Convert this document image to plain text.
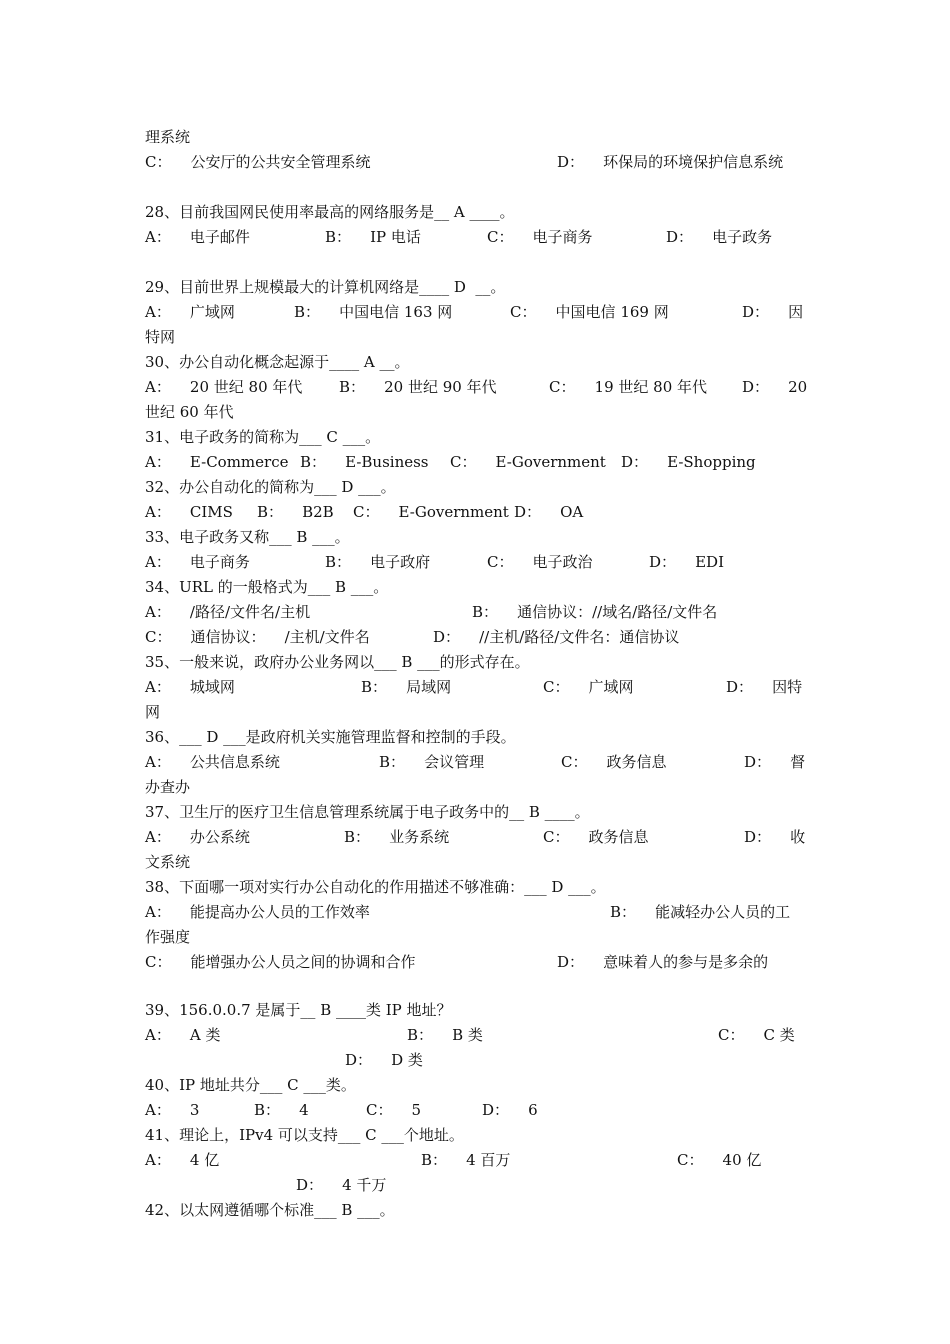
理系统
C：    公安厅的公共安全管理系统	D：    环保局的环境保护信息系统
28、目前我国网民使用率最高的网络服务是__ A ____。
A：    电子邮件	B：    IP 电话	C：    电子商务	D：    电子政务
29、目前世界上规模最大的计算机网络是____ D  __。
A：    广域网	B：    中国电信 163 网	C：    中国电信 169 网	D：    因
特网
30、办公自动化概念起源于____ A __。
A：    20 世纪 80 年代 B：    20 世纪 90 年代	C：    19 世纪 80 年代 D：    20
世纪 60 年代
31、电子政务的简称为___ C ___。
A：    E-Commerce B：    E-Business C：    E-Government D：    E-Shopping
32、办公自动化的简称为___ D ___。
A：    CIMS B：    B2B C：    E-Government D：    OA
33、电子政务又称___ B ___。
A：    电子商务	B：    电子政府	C：    电子政治	D：    EDI
34、URL 的一般格式为___ B ___。
A：    /路径/文件名/主机	B：    通信协议：//域名/路径/文件名
C：    通信协议：    /主机/文件名	D：    //主机/路径/文件名：通信协议
35、一般来说，政府办公业务网以___ B ___的形式存在。
A：    城域网	B：    局域网	C：    广域网	D：    因特
网
36、___ D ___是政府机关实施管理监督和控制的手段。
A：    公共信息系统	B：    会议管理	C：    政务信息	D：    督
办查办
37、卫生厅的医疗卫生信息管理系统属于电子政务中的__ B ____。
A：    办公系统	B：    业务系统	C：    政务信息	D：    收
文系统
38、下面哪一项对实行办公自动化的作用描述不够准确：___ D ___。
A：    能提高办公人员的工作效率	B：    能减轻办公人员的工
作强度
C：    能增强办公人员之间的协调和合作	D：    意味着人的参与是多余的
39、156.0.0.7 是属于__ B ____类 IP 地址？
A：    A 类	B：    B 类	C：    C 类
D：    D 类
40、IP 地址共分___ C ___类。
A：    3	B：    4	C：    5	D：    6
41、理论上，IPv4 可以支持___ C ___个地址。
A：    4 亿	B：    4 百万	C：    40 亿
D：    4 千万
42、以太网遵循哪个标准___ B ___。
